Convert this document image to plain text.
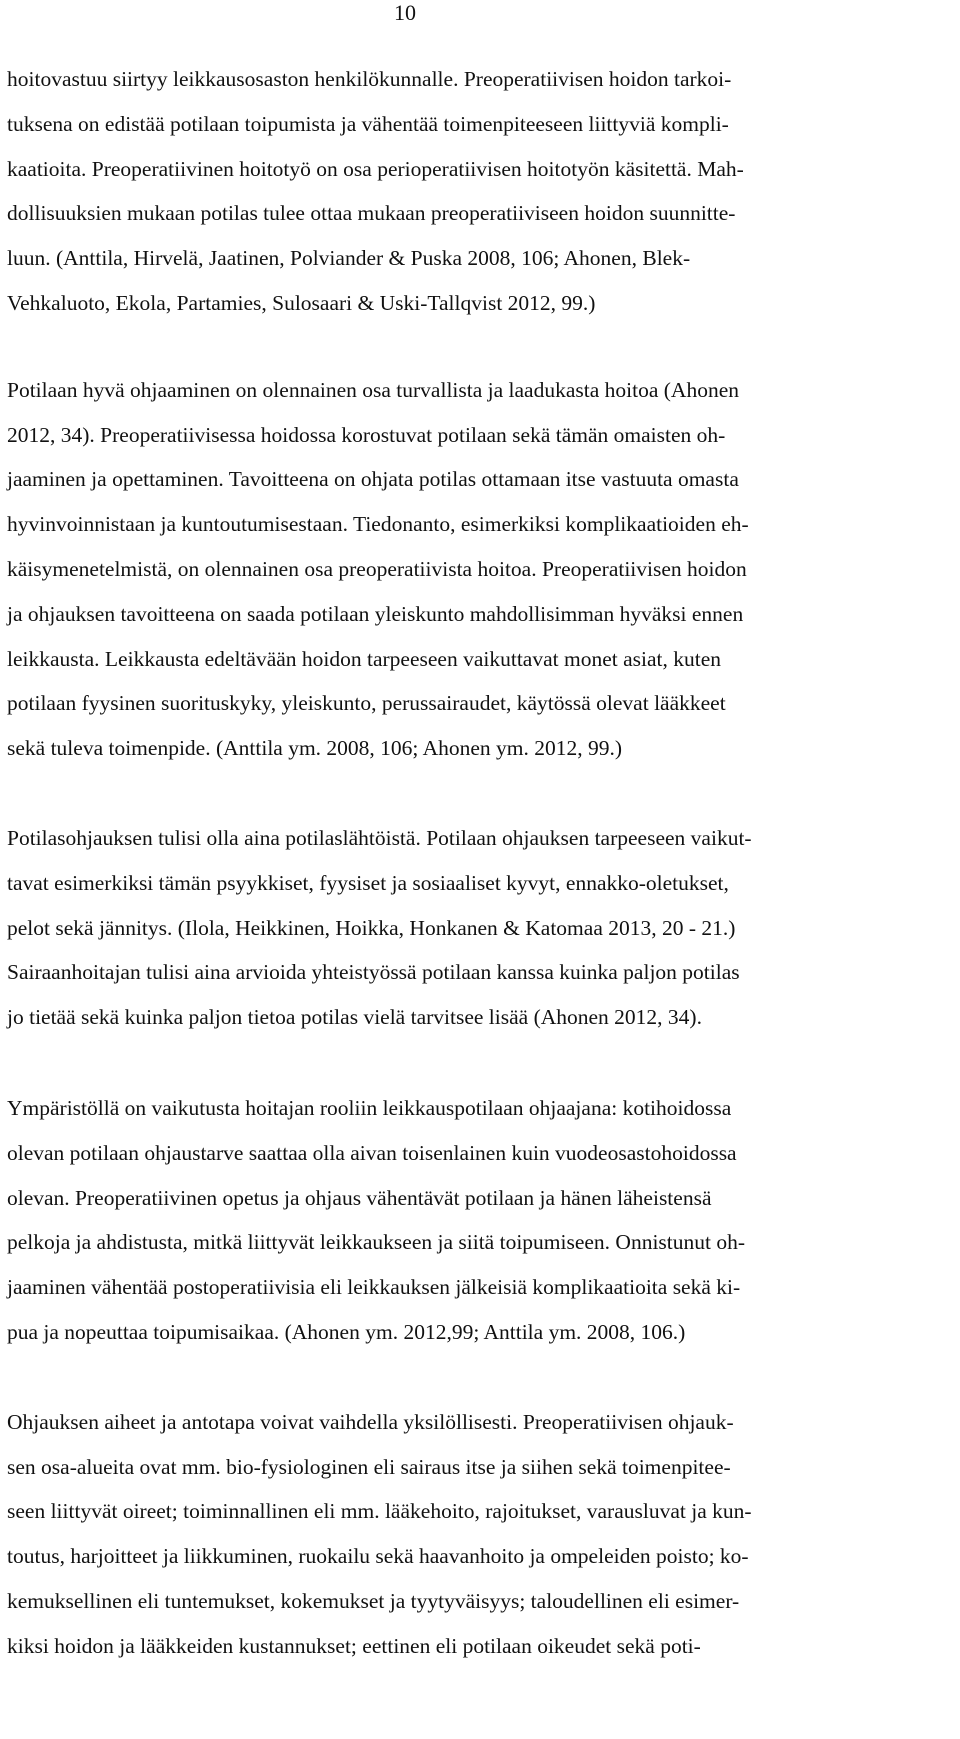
10

hoitovastuu siirtyy leikkausosaston henkilökunnalle. Preoperatiivisen hoidon tarkoi-
tuksena on edistää potilaan toipumista ja vähentää toimenpiteeseen liittyviä kompli-
kaatioita. Preoperatiivinen hoitotyö on osa perioperatiivisen hoitotyön käsitettä. Mah-
dollisuuksien mukaan potilas tulee ottaa mukaan preoperatiiviseen hoidon suunnitte-
luun. (Anttila, Hirvelä, Jaatinen, Polviander & Puska 2008, 106; Ahonen, Blek-
Vehkaluoto, Ekola, Partamies, Sulosaari & Uski-Tallqvist 2012, 99.)

Potilaan hyvä ohjaaminen on olennainen osa turvallista ja laadukasta hoitoa (Ahonen
2012, 34). Preoperatiivisessa hoidossa korostuvat potilaan sekä tämän omaisten oh-
jaaminen ja opettaminen. Tavoitteena on ohjata potilas ottamaan itse vastuuta omasta
hyvinvoinnistaan ja kuntoutumisestaan. Tiedonanto, esimerkiksi komplikaatioiden eh-
käisymenetelmistä, on olennainen osa preoperatiivista hoitoa. Preoperatiivisen hoidon
ja ohjauksen tavoitteena on saada potilaan yleiskunto mahdollisimman hyväksi ennen
leikkausta. Leikkausta edeltävään hoidon tarpeeseen vaikuttavat monet asiat, kuten
potilaan fyysinen suorituskyky, yleiskunto, perussairaudet, käytössä olevat lääkkeet
sekä tuleva toimenpide. (Anttila ym. 2008, 106; Ahonen ym. 2012, 99.)

Potilasohjauksen tulisi olla aina potilaslähtöistä. Potilaan ohjauksen tarpeeseen vaikut-
tavat esimerkiksi tämän psyykkiset, fyysiset ja sosiaaliset kyvyt, ennakko-oletukset,
pelot sekä jännitys. (Ilola, Heikkinen, Hoikka, Honkanen & Katomaa 2013, 20 - 21.)

Sairaanhoitajan tulisi aina arvioida yhteistyössä potilaan kanssa kuinka paljon potilas
jo tietää sekä kuinka paljon tietoa potilas vielä tarvitsee lisää (Ahonen 2012, 34).

Ympäristöllä on vaikutusta hoitajan rooliin leikkauspotilaan ohjaajana: kotihoidossa
olevan potilaan ohjaustarve saattaa olla aivan toisenlainen kuin vuodeosastohoidossa
olevan. Preoperatiivinen opetus ja ohjaus vähentävät potilaan ja hänen läheistensä
pelkoja ja ahdistusta, mitkä liittyvät leikkaukseen ja siitä toipumiseen. Onnistunut oh-
jaaminen vähentää postoperatiivisia eli leikkauksen jälkeisiä komplikaatioita sekä ki-
pua ja nopeuttaa toipumisaikaa. (Ahonen ym. 2012,99; Anttila ym. 2008, 106.)

Ohjauksen aiheet ja antotapa voivat vaihdella yksilöllisesti. Preoperatiivisen ohjauk-
sen osa-alueita ovat mm. bio-fysiologinen eli sairaus itse ja siihen sekä toimenpitee-
seen liittyvät oireet; toiminnallinen eli mm. lääkehoito, rajoitukset, varausluvat ja kun-
toutus, harjoitteet ja liikkuminen, ruokailu sekä haavanhoito ja ompeleiden poisto; ko-
kemuksellinen eli tuntemukset, kokemukset ja tyytyväisyys; taloudellinen eli esimer-
kiksi hoidon ja lääkkeiden kustannukset; eettinen eli potilaan oikeudet sekä poti-
